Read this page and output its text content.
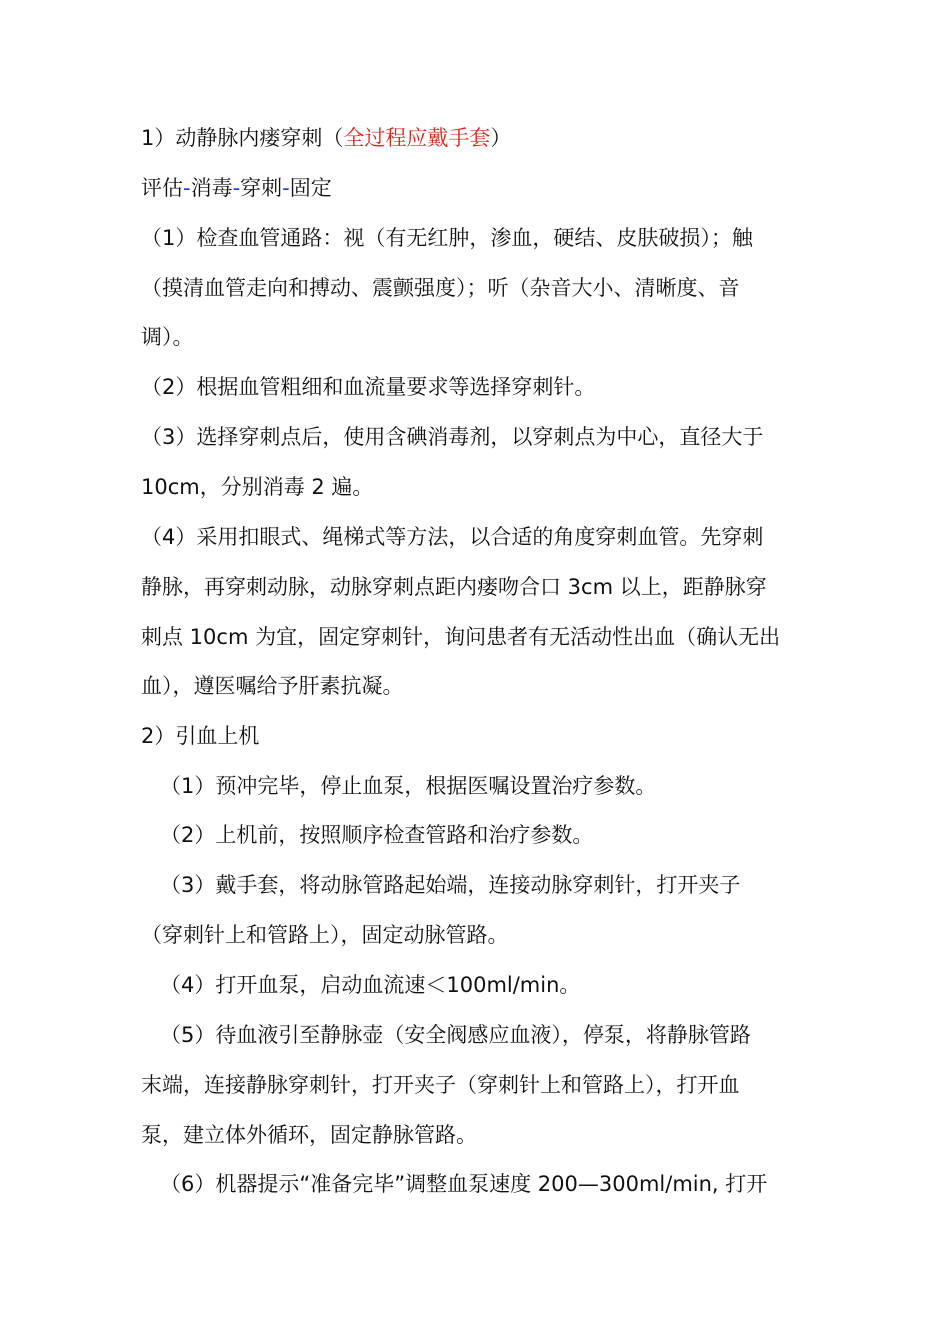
1）动静脉内瘘穿刺（全过程应戴手套）

评估-消毒-穿刺-固定

（1）检查血管通路：视（有无红肿，渗血，硬结、皮肤破损）；触

（摸清血管走向和搏动、震颤强度）；听（杂音大小、清晰度、音

调）。

（2）根据血管粗细和血流量要求等选择穿刺针。

（3）选择穿刺点后，使用含碘消毒剂，以穿刺点为中心，直径大于

10cm，分别消毒 2 遍。

（4）采用扣眼式、绳梯式等方法，以合适的角度穿刺血管。先穿刺

静脉，再穿刺动脉，动脉穿刺点距内瘘吻合口 3cm 以上，距静脉穿

刺点 10cm 为宜，固定穿刺针，询问患者有无活动性出血（确认无出

血），遵医嘱给予肝素抗凝。

2）引血上机

（1）预冲完毕，停止血泵，根据医嘱设置治疗参数。

（2）上机前，按照顺序检查管路和治疗参数。

（3）戴手套，将动脉管路起始端，连接动脉穿刺针，打开夹子

（穿刺针上和管路上），固定动脉管路。

（4）打开血泵，启动血流速＜100ml/min。

（5）待血液引至静脉壶（安全阀感应血液），停泵，将静脉管路

末端，连接静脉穿刺针，打开夹子（穿刺针上和管路上），打开血

泵，建立体外循环，固定静脉管路。

（6）机器提示“准备完毕”调整血泵速度 200—300ml/min, 打开
